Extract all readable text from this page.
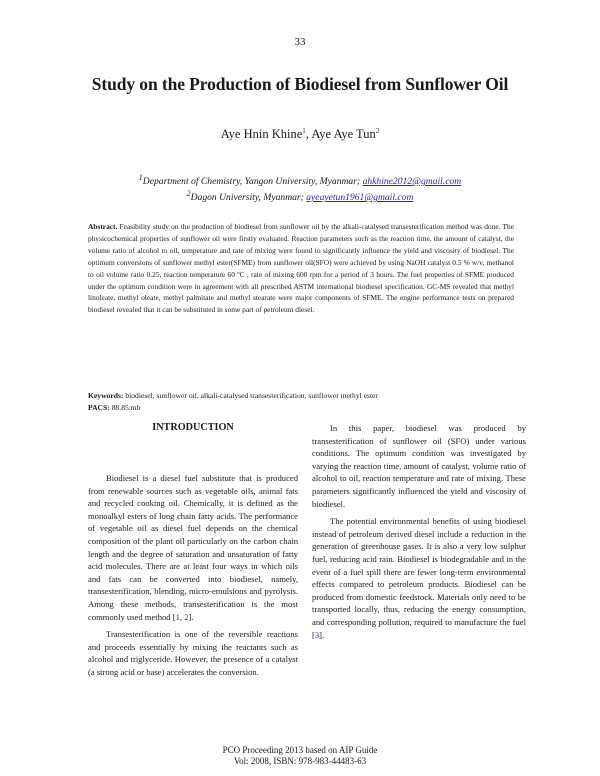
33
Study on the Production of Biodiesel from Sunflower Oil
Aye Hnin Khine$^1$, Aye Aye Tun$^2$
$^1$Department of Chemistry, Yangon University, Myanmar; ahkhine2012@gmail.com
$^2$Dagon University, Myanmar; ayeayetun1961@gmail.com

Abstract. Feasibility study on the production of biodiesel from sunflower oil by the alkali-catalysed transesterification method was done. The physicochemical properties of sunflower oil were firstly evaluated. Reaction parameters such as the reaction time, the amount of catalyst, the volume ratio of alcohol to oil, temperature and rate of mixing were found to significantly influence the yield and viscosity of biodiesel. The optimum conversions of sunflower methyl ester(SFME) from sunflower oil(SFO) were achieved by using NaOH catalyst 0.5 % w/v, methanol to oil volume ratio 0.25, reaction temperature 60 ºC , rate of mixing 600 rpm for a period of 3 hours. The fuel properties of SFME produced under the optimum condition were in agreement with all prescribed ASTM international biodiesel specification. GC-MS revealed that methyl linoleate, methyl oleate, methyl palmitate and methyl stearate were major components of SFME. The engine performance tests on prepared biodiesel revealed that it can be substituted in some part of petroleum diesel.

Keywords: biodiesel, sunflower oil, alkali-catalysed transesterification, sunflower methyl ester
PACS: 88.85.mb
INTRODUCTION

Biodiesel is a diesel fuel substitute that is produced from renewable sources such as vegetable oils, animal fats and recycled cooking oil. Chemically, it is defined as the monoalkyl esters of long chain fatty acids. The performance of vegetable oil as diesel fuel depends on the chemical composition of the plant oil particularly on the carbon chain length and the degree of saturation and unsaturation of fatty acid molecules. There are at least four ways in which oils and fats can be converted into biodiesel, namely, transesterification, blending, micro-emulsions and pyrolysis. Among these methods, transesterification is the most commonly used method [1, 2].

Transesterification is one of the reversible reactions and proceeds essentially by mixing the reactants such as alcohol and triglyceride. However, the presence of a catalyst (a strong acid or base) accelerates the conversion.

In this paper, biodiesel was produced by transesterification of sunflower oil (SFO) under various conditions. The optimum condition was investigated by varying the reaction time, amount of catalyst, volume ratio of alcohol to oil, reaction temperature and rate of mixing. These parameters significantly influenced the yield and viscosity of biodiesel.

The potential environmental benefits of using biodiesel instead of petroleum derived diesel include a reduction in the generation of greenhouse gases. It is also a very low sulphur fuel, reducing acid rain. Biodiesel is biodegradable and in the event of a fuel spill there are fewer long-term environmental effects compared to petroleum products. Biodiesel can be produced from domestic feedstock. Materials only need to be transported locally, thus, reducing the energy consumption, and corresponding pollution, required to manufacture the fuel [3].

PCO Proceeding 2013 based on AIP Guide
Vol: 2008, ISBN: 978-983-44483-63
